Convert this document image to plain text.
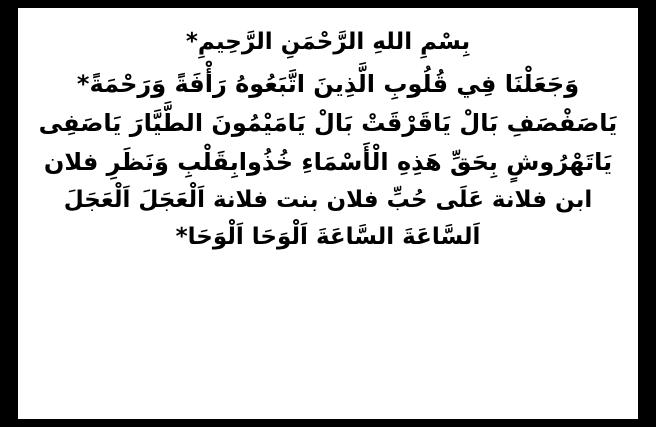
بِسْمِ اللهِ الرَّحْمَنِ الرَّحِيمِ*
وَجَعَلْنَا فِي قُلُوبِ الَّذِينَ اتَّبَعُوهُ رَأْفَةً وَرَحْمَةً*
يَاصَفْصَفِ بَالْ يَاقَرْقَتْ بَالْ يَامَيْمُونَ الطَّيَّارَ يَاصَفِى
يَاتَهْرُوشٍ بِحَقِّ هَذِهِ الْأَسْمَاءِ خُذُوابِقَلْبِ وَنَظَرِ فلان
ابن فلانة عَلَى حُبِّ فلان بنت فلانة اَلْعَجَلَ اَلْعَجَلَ
اَلسَّاعَةَ السَّاعَةَ اَلْوَحَا اَلْوَحَا*
